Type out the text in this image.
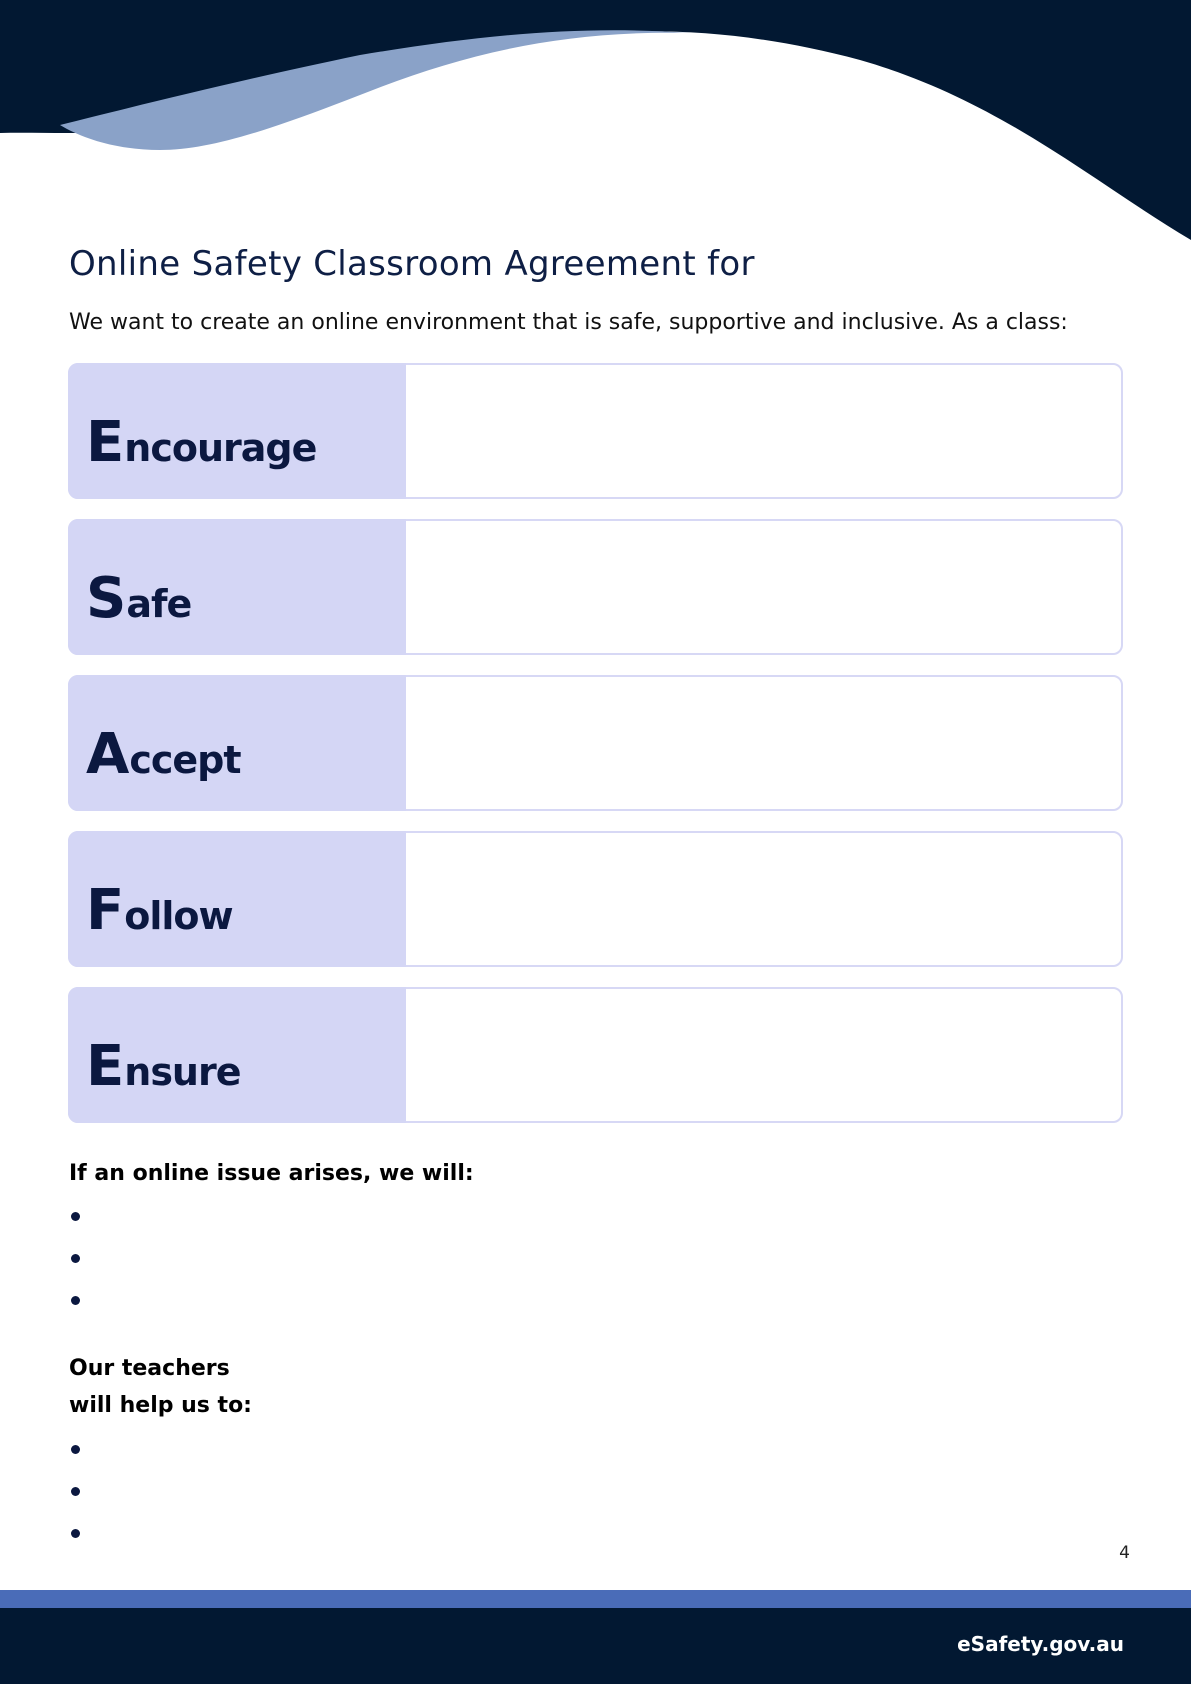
Online Safety Classroom Agreement for

We want to create an online environment that is safe, supportive and inclusive. As a class:

Encourage
Safe
Accept
Follow
Ensure
If an online issue arises, we will:
Our teachers
will help us to:
4
eSafety.gov.au
